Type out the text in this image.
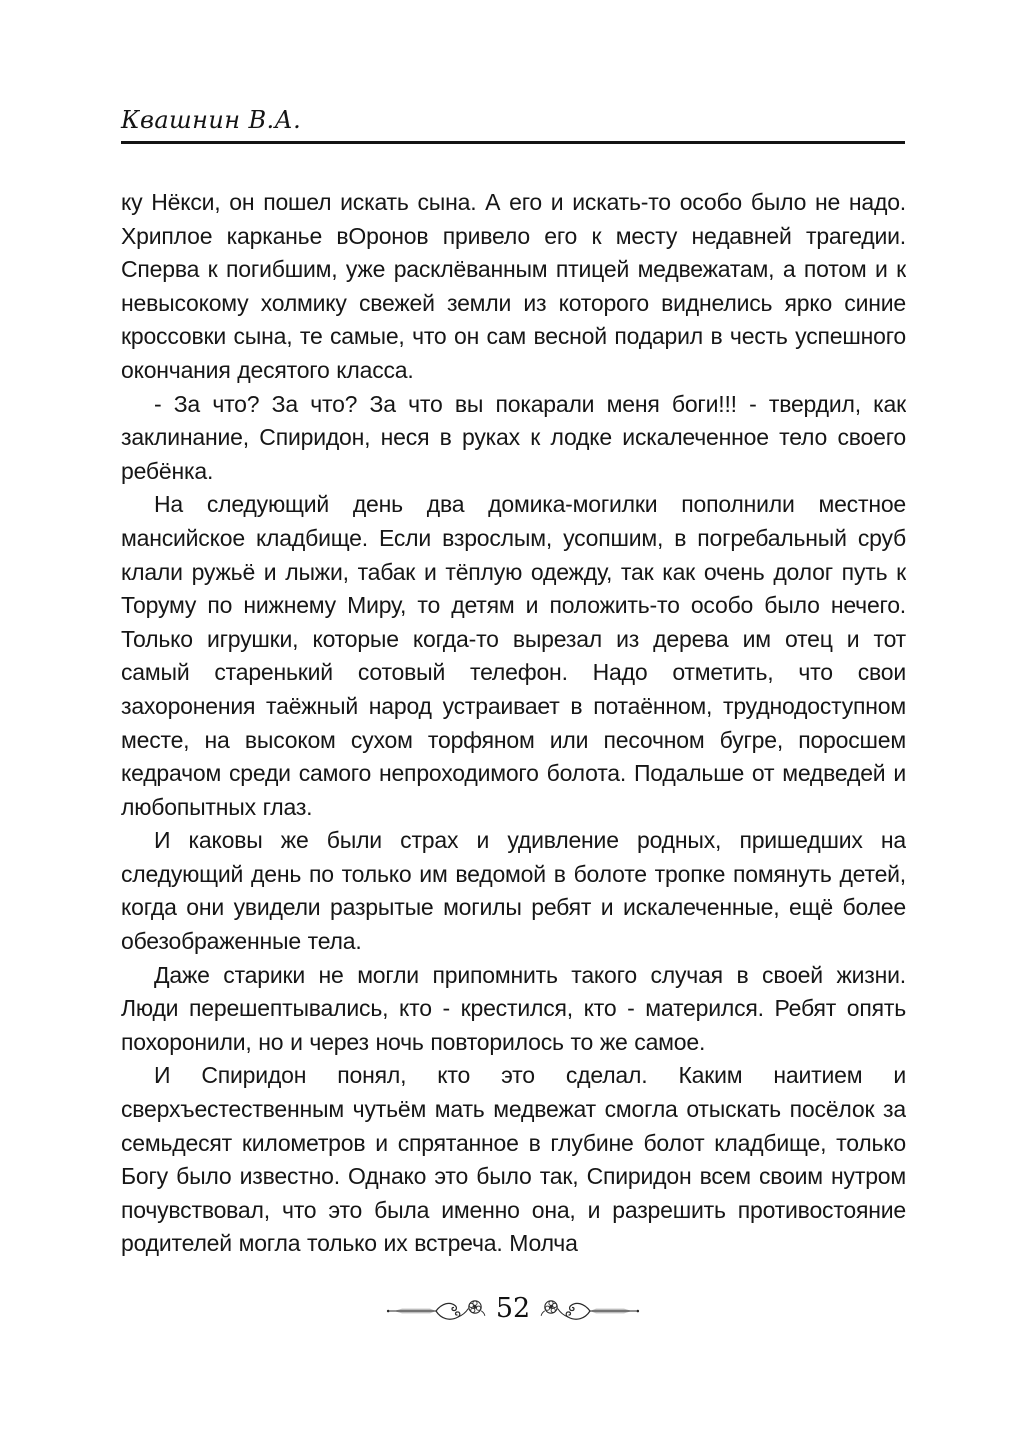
Квашнин В.А.

ку Нёкси, он пошел искать сына. А его и искать-то особо было не надо. Хриплое карканье вОронов привело его к месту недавней трагедии. Сперва к погибшим, уже расклёванным птицей медвежатам, а потом и к невысокому холмику свежей земли из которого виднелись ярко синие кроссовки сына, те самые, что он сам весной подарил в честь успешного окончания десятого класса.

- За что? За что? За что вы покарали меня боги!!! - твердил, как заклинание, Спиридон, неся в руках к лодке искалеченное тело своего ребёнка.

На следующий день два домика-могилки пополнили местное мансийское кладбище. Если взрослым, усопшим, в погребальный сруб клали ружьё и лыжи, табак и тёплую одежду, так как очень долог путь к Торуму по нижнему Миру, то детям и положить-то особо было нечего. Только игрушки, которые когда-то вырезал из дерева им отец и тот самый старенький сотовый телефон. Надо отметить, что свои захоронения таёжный народ устраивает в потаённом, труднодоступном месте, на высоком сухом торфяном или песочном бугре, поросшем кедрачом среди самого непроходимого болота. Подальше от медведей и любопытных глаз.

И каковы же были страх и удивление родных, пришедших на следующий день по только им ведомой в болоте тропке помянуть детей, когда они увидели разрытые могилы ребят и искалеченные, ещё более обезображенные тела.

Даже старики не могли припомнить такого случая в своей жизни. Люди перешептывались, кто - крестился, кто - матерился. Ребят опять похоронили, но и через ночь повторилось то же самое.

И Спиридон понял, кто это сделал. Каким наитием и сверхъестественным чутьём мать медвежат смогла отыскать посёлок за семьдесят километров и спрятанное в глубине болот кладбище, только Богу было известно. Однако это было так, Спиридон всем своим нутром почувствовал, что это была именно она, и разрешить противостояние родителей могла только их встреча. Молча

52
